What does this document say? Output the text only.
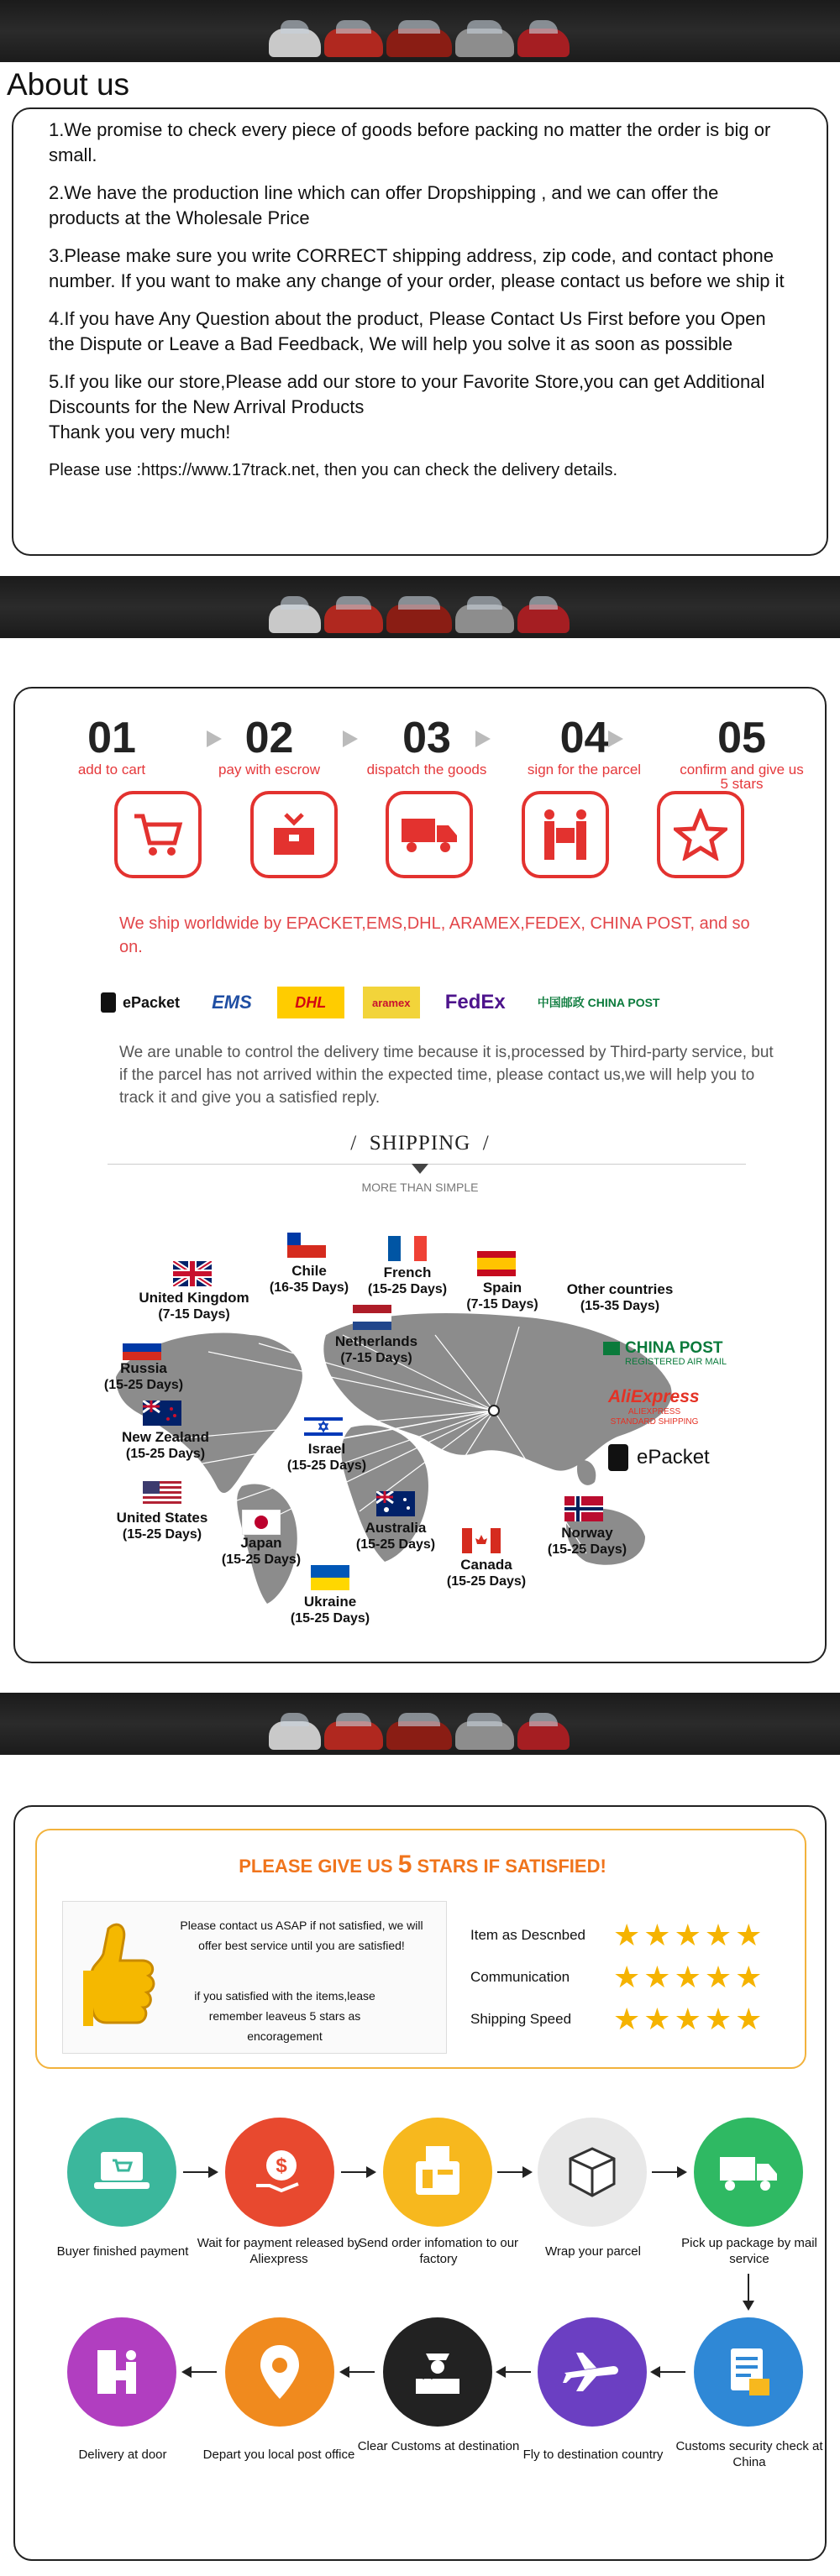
About us

1.We promise to check every piece of goods before packing no matter the order is big or small.

2.We have the production line which can offer Dropshipping , and we can offer the products at the Wholesale Price

3.Please make sure you write CORRECT shipping address, zip code, and contact phone number. If you want to make any change of your order, please contact us before we ship it

4.If you have Any Question about the product, Please Contact Us First before you Open the Dispute or Leave a Bad Feedback, We will help you solve it as soon as possible

5.If you like our store,Please add our store to your Favorite Store,you can get Additional Discounts for the New Arrival Products

Thank you very much!

Please use :https://www.17track.net, then you can check the delivery details.

01
add to cart
02
pay with escrow
03
dispatch the goods
04
sign for the parcel
05
confirm and give us 5 stars
We ship worldwide by EPACKET,EMS,DHL, ARAMEX,FEDEX, CHINA POST, and so on.
ePacket	EMS	DHL	aramex	FedEx	中国邮政 CHINA POST
We are unable to control the delivery time because it is,processed by Third-party service, but if the parcel has not arrived within the expected time, please contact us,we will help you to track it and give you a satisfied reply.
/  SHIPPING  /
MORE THAN SIMPLE
Chile
(16-35 Days)
French
(15-25 Days)	Spain
(7-15 Days)
United Kingdom
(7-15 Days)
Other countries
(15-35 Days)
Netherlands
(7-15 Days)
Russia
(15-25 Days)
New Zealand
(15-25 Days)	Israel
(15-25 Days)
United States
(15-25 Days)
Japan
(15-25 Days)
Australia
(15-25 Days)
Canada
(15-25 Days)
Norway
(15-25 Days)
Ukraine
(15-25 Days)
CHINA POST
REGISTERED AIR MAIL
AliExpress
ALIEXPRESS STANDARD SHIPPING
ePacket
PLEASE GIVE US 5 STARS IF SATISFIED!
Please contact us ASAP if not satisfied, we will offer best service until you are satisfied!
if you satisfied with the items,lease remember leaveus 5 stars as encoragement
Item as Descnbed ★ ★ ★ ★ ★
Communication	★ ★ ★ ★ ★
Shipping Speed	★ ★ ★ ★ ★
$
Buyer finished payment
Wait for payment released by Aliexpress
Send order infomation to our factory
Wrap your parcel
Pick up package by mail service
Customs security check at China
Fly to destination country
Clear Customs at destination
Depart you local post office
Delivery at door
